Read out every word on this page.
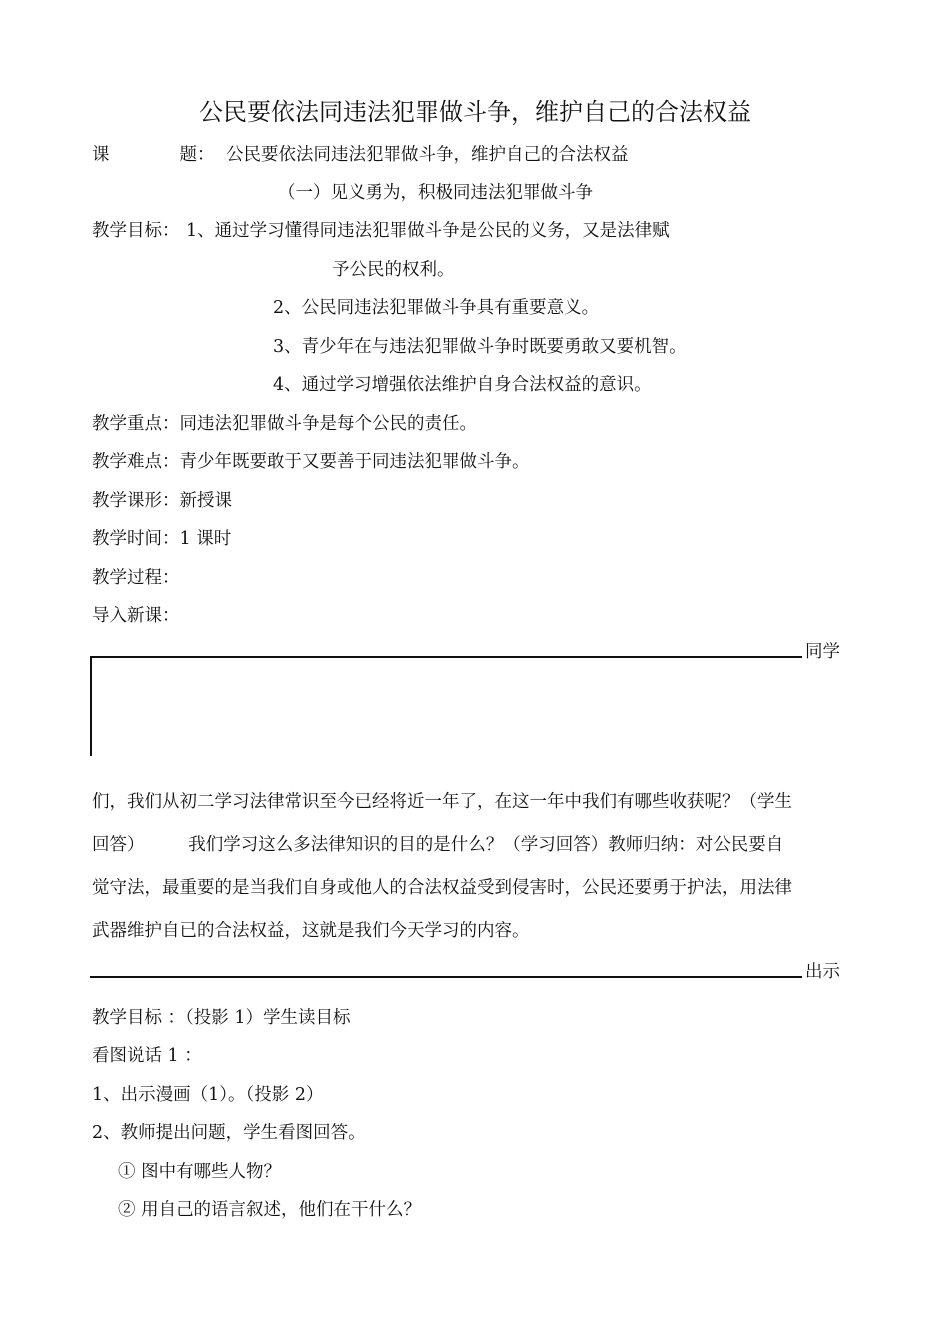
公民要依法同违法犯罪做斗争，维护自己的合法权益
课　　　　题： 公民要依法同违法犯罪做斗争，维护自己的合法权益
（一）见义勇为，积极同违法犯罪做斗争
教学目标： 1、通过学习懂得同违法犯罪做斗争是公民的义务，又是法律赋
予公民的权利。
2、公民同违法犯罪做斗争具有重要意义。
3、青少年在与违法犯罪做斗争时既要勇敢又要机智。
4、通过学习增强依法维护自身合法权益的意识。
教学重点：同违法犯罪做斗争是每个公民的责任。
教学难点：青少年既要敢于又要善于同违法犯罪做斗争。
教学课形：新授课
教学时间：1 课时
教学过程：
导入新课：
同学
们，我们从初二学习法律常识至今已经将近一年了，在这一年中我们有哪些收获呢？（学生
回答）　　　我们学习这么多法律知识的目的是什么？（学习回答）教师归纳：对公民要自
觉守法，最重要的是当我们自身或他人的合法权益受到侵害时，公民还要勇于护法，用法律
武器维护自已的合法权益，这就是我们今天学习的内容。
出示
教学目标 ：（投影 1）学生读目标
看图说话 1 ：
1、出示漫画（1）。（投影 2）
2、教师提出问题，学生看图回答。
① 图中有哪些人物？
② 用自己的语言叙述，他们在干什么？
